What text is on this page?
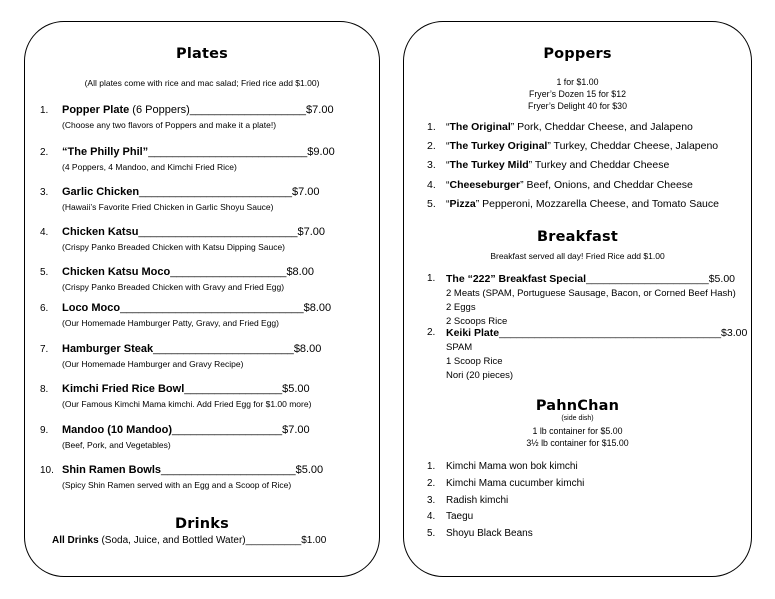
Plates
(All plates come with rice and mac salad; Fried rice add $1.00)
1. Popper Plate (6 Poppers)___________________$7.00
(Choose any two flavors of Poppers and make it a plate!)
2. “The Philly Phil”__________________________$9.00
(4 Poppers, 4 Mandoo, and Kimchi Fried Rice)
3. Garlic Chicken_________________________$7.00
(Hawaii’s Favorite Fried Chicken in Garlic Shoyu Sauce)
4. Chicken Katsu__________________________$7.00
(Crispy Panko Breaded Chicken with Katsu Dipping Sauce)
5. Chicken Katsu Moco___________________$8.00
(Crispy Panko Breaded Chicken with Gravy and Fried Egg)
6. Loco Moco______________________________$8.00
(Our Homemade Hamburger Patty, Gravy, and Fried Egg)
7. Hamburger Steak_______________________$8.00
(Our Homemade Hamburger and Gravy Recipe)
8. Kimchi Fried Rice Bowl________________$5.00
(Our Famous Kimchi Mama kimchi. Add Fried Egg for $1.00 more)
9. Mandoo (10 Mandoo)__________________$7.00
(Beef, Pork, and Vegetables)
10. Shin Ramen Bowls______________________$5.00
(Spicy Shin Ramen served with an Egg and a Scoop of Rice)
Drinks
All Drinks (Soda, Juice, and Bottled Water)__________$1.00
Poppers
1 for $1.00
Fryer’s Dozen 15 for $12
Fryer’s Delight 40 for $30
1. “The Original” Pork, Cheddar Cheese, and Jalapeno
2. “The Turkey Original” Turkey, Cheddar Cheese, Jalapeno
3. “The Turkey Mild” Turkey and Cheddar Cheese
4. “Cheeseburger” Beef, Onions, and Cheddar Cheese
5. “Pizza” Pepperoni, Mozzarella Cheese, and Tomato Sauce
Breakfast
Breakfast served all day! Fried Rice add $1.00
1. The “222” Breakfast Special_____________________$5.00
2 Meats (SPAM, Portuguese Sausage, Bacon, or Corned Beef Hash)
2 Eggs
2 Scoops Rice
2. Keiki Plate______________________________________$3.00
SPAM
1 Scoop Rice
Nori (20 pieces)
PahnChan
(side dish)
1 lb container for $5.00
3½ lb container for $15.00
1. Kimchi Mama won bok kimchi
2. Kimchi Mama cucumber kimchi
3. Radish kimchi
4. Taegu
5. Shoyu Black Beans
